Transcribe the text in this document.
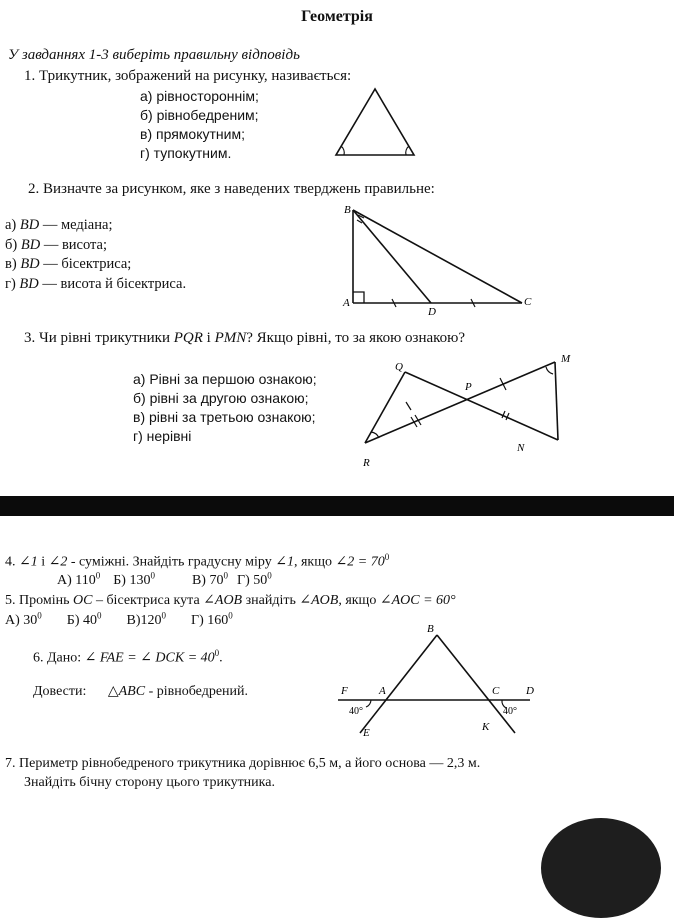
Геометрія
У завданнях 1-3 виберіть правильну відповідь
1. Трикутник, зображений на рисунку, називається:
а) рівностороннім;
б) рівнобедреним;
в) прямокутним;
г) тупокутним.
2. Визначте за рисунком, яке з наведених тверджень правильне:
а) BD — медіана;
б) BD — висота;
в) BD — бісектриса;
г) BD — висота й бісектриса.
B
A
D
C
3. Чи рівні трикутники PQR і PMN? Якщо рівні, то за якою ознакою?
а) Рівні за першою ознакою;
б) рівні за другою ознакою;
в) рівні за третьою ознакою;
г) нерівні
Q
M
P
R
N
4. ∠1 і ∠2 - суміжні. Знайдіть градусну міру ∠1, якщо ∠2 = $70^0$
А) $110^0$ Б) $130^0$	В) $70^0$ Г) $50^0$
5. Промінь OC – бісектриса кута ∠AOB знайдіть ∠AOB, якщо ∠AOC = 60°
А) $30^0$ Б) $40^0$ $В)120^0$ Г) $160^0$
6. Дано: ∠ FAE = ∠ DCK = $40^0$.
Довести: △ABC - рівнобедрений.
B
F	A	C D
E	K
40°	40°
7. Периметр рівнобедреного трикутника дорівнює 6,5 м, а його основа — 2,3 м.
Знайдіть бічну сторону цього трикутника.
